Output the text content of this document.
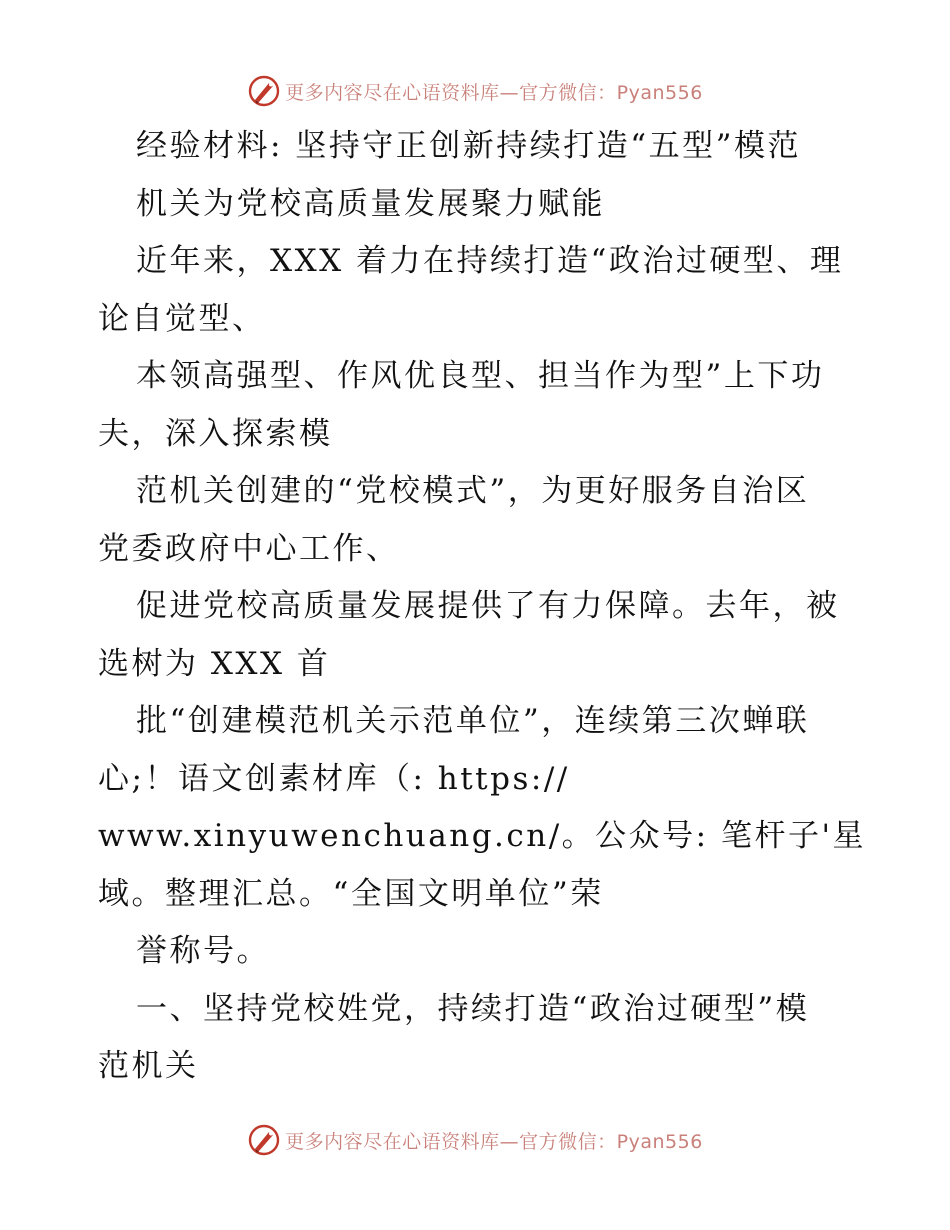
更多内容尽在心语资料库—官方微信：Pyan556
经验材料: 坚持守正创新持续打造“五型”模范
机关为党校高质量发展聚力赋能
近年来，XXX 着力在持续打造“政治过硬型、理
论自觉型、
本领高强型、作风优良型、担当作为型”上下功
夫，深入探索模
范机关创建的“党校模式”，为更好服务自治区
党委政府中心工作、
促进党校高质量发展提供了有力保障。去年，被
选树为 XXX 首
批“创建模范机关示范单位”，连续第三次蝉联
心;！语文创素材库（: https://
www.xinyuwenchuang.cn/。公众号: 笔杆子'星
域。整理汇总。“全国文明单位”荣
誉称号。
一、坚持党校姓党，持续打造“政治过硬型”模
范机关
更多内容尽在心语资料库—官方微信：Pyan556
